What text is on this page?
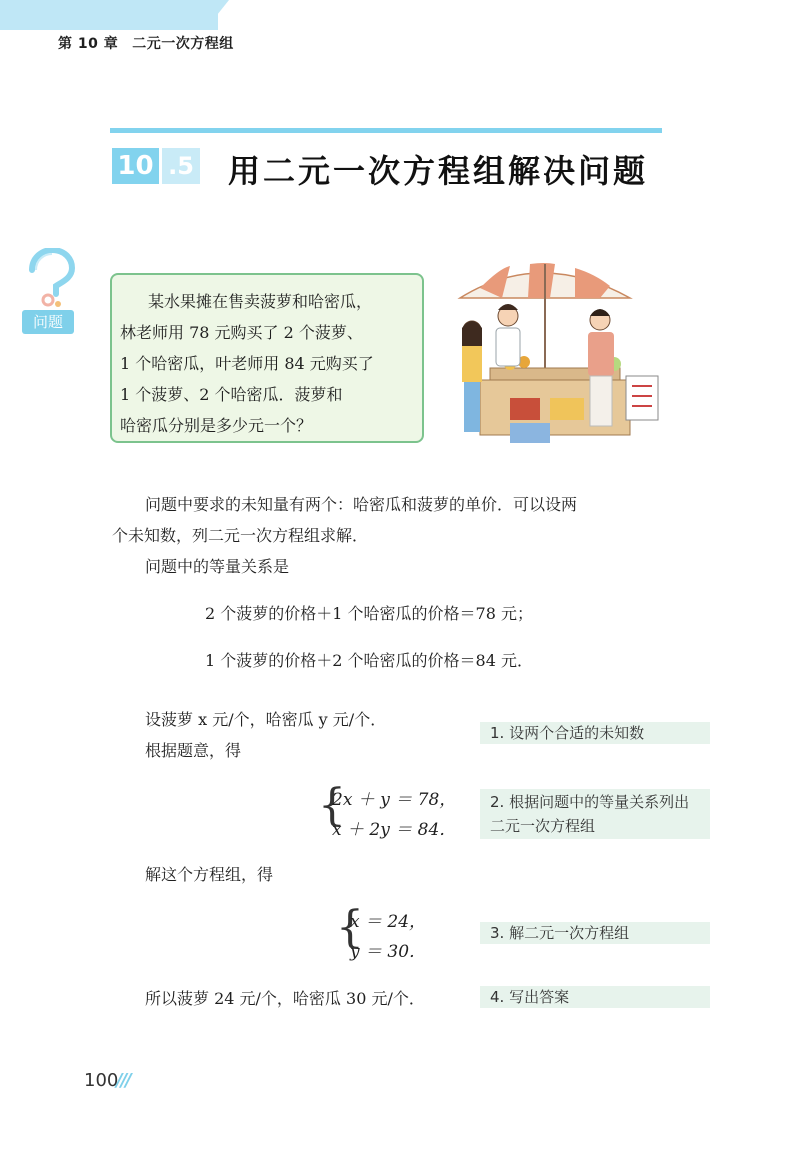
第 10 章 二元一次方程组
10 .5 用二元一次方程组解决问题
问题
某水果摊在售卖菠萝和哈密瓜，
林老师用 78 元购买了 2 个菠萝、
1 个哈密瓜，叶老师用 84 元购买了
1 个菠萝、2 个哈密瓜．菠萝和
哈密瓜分别是多少元一个？
问题中要求的未知量有两个：哈密瓜和菠萝的单价．可以设两
个未知数，列二元一次方程组求解．
问题中的等量关系是
2 个菠萝的价格＋1 个哈密瓜的价格＝78 元；
1 个菠萝的价格＋2 个哈密瓜的价格＝84 元．
设菠萝 x 元/个，哈密瓜 y 元/个．
根据题意，得
{
2x ＋ y ＝ 78，
x ＋ 2y ＝ 84．
解这个方程组，得
{
x ＝ 24，
y ＝ 30．
所以菠萝 24 元/个，哈密瓜 30 元/个．
1. 设两个合适的未知数
2. 根据问题中的等量关系列出
二元一次方程组
3. 解二元一次方程组
4. 写出答案
100
///
